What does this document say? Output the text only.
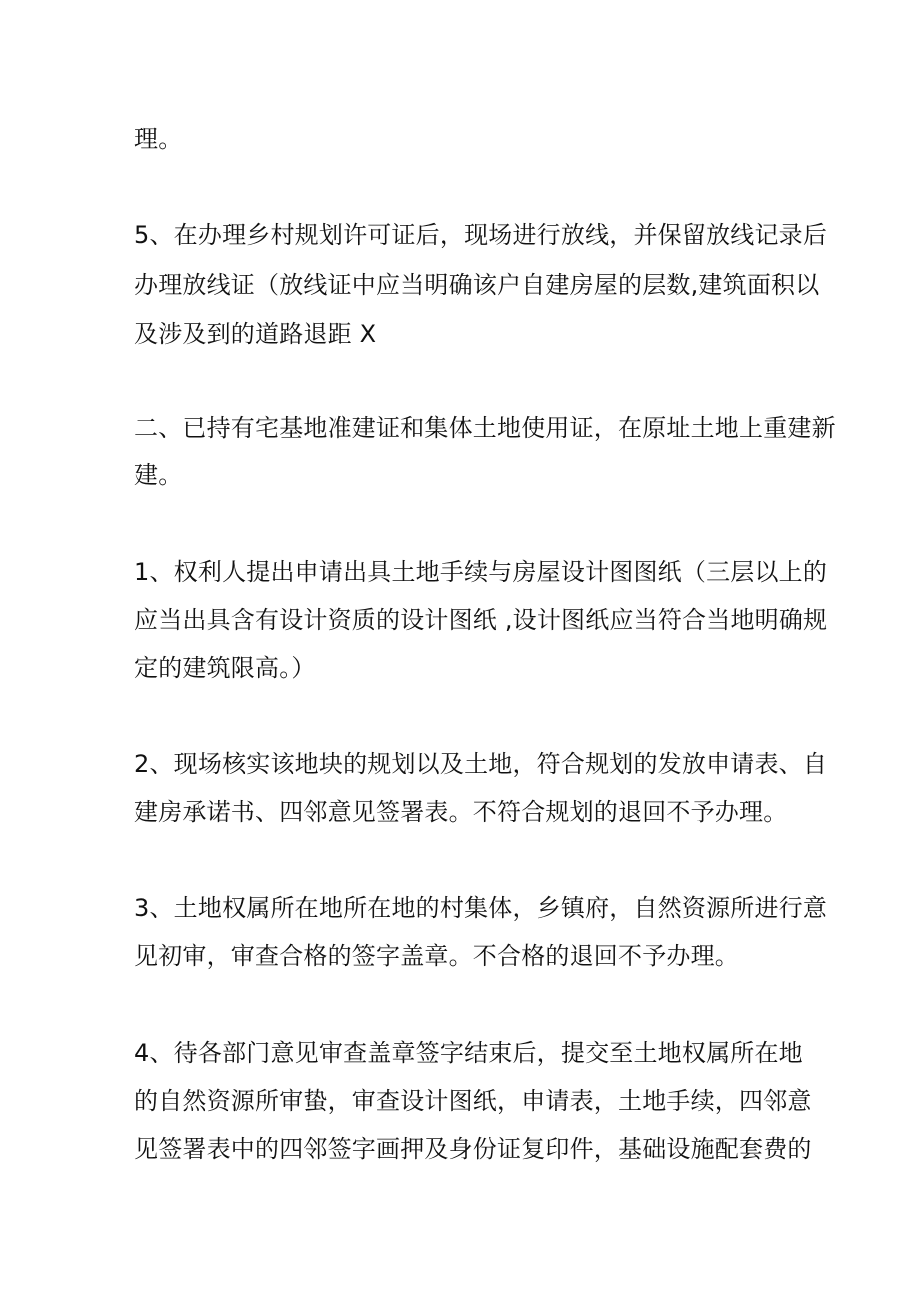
理。
5、在办理乡村规划许可证后，现场进行放线，并保留放线记录后
办理放线证（放线证中应当明确该户自建房屋的层数,建筑面积以
及涉及到的道路退距 X
二、已持有宅基地准建证和集体土地使用证，在原址土地上重建新
建。
1、权利人提出申请出具土地手续与房屋设计图图纸（三层以上的
应当出具含有设计资质的设计图纸 ,设计图纸应当符合当地明确规
定的建筑限高。）
2、现场核实该地块的规划以及土地，符合规划的发放申请表、自
建房承诺书、四邻意见签署表。不符合规划的退回不予办理。
3、土地权属所在地所在地的村集体，乡镇府，自然资源所进行意
见初审，审查合格的签字盖章。不合格的退回不予办理。
4、待各部门意见审查盖章签字结束后，提交至土地权属所在地
的自然资源所审蛰，审查设计图纸，申请表，土地手续，四邻意
见签署表中的四邻签字画押及身份证复印件，基础设施配套费的
